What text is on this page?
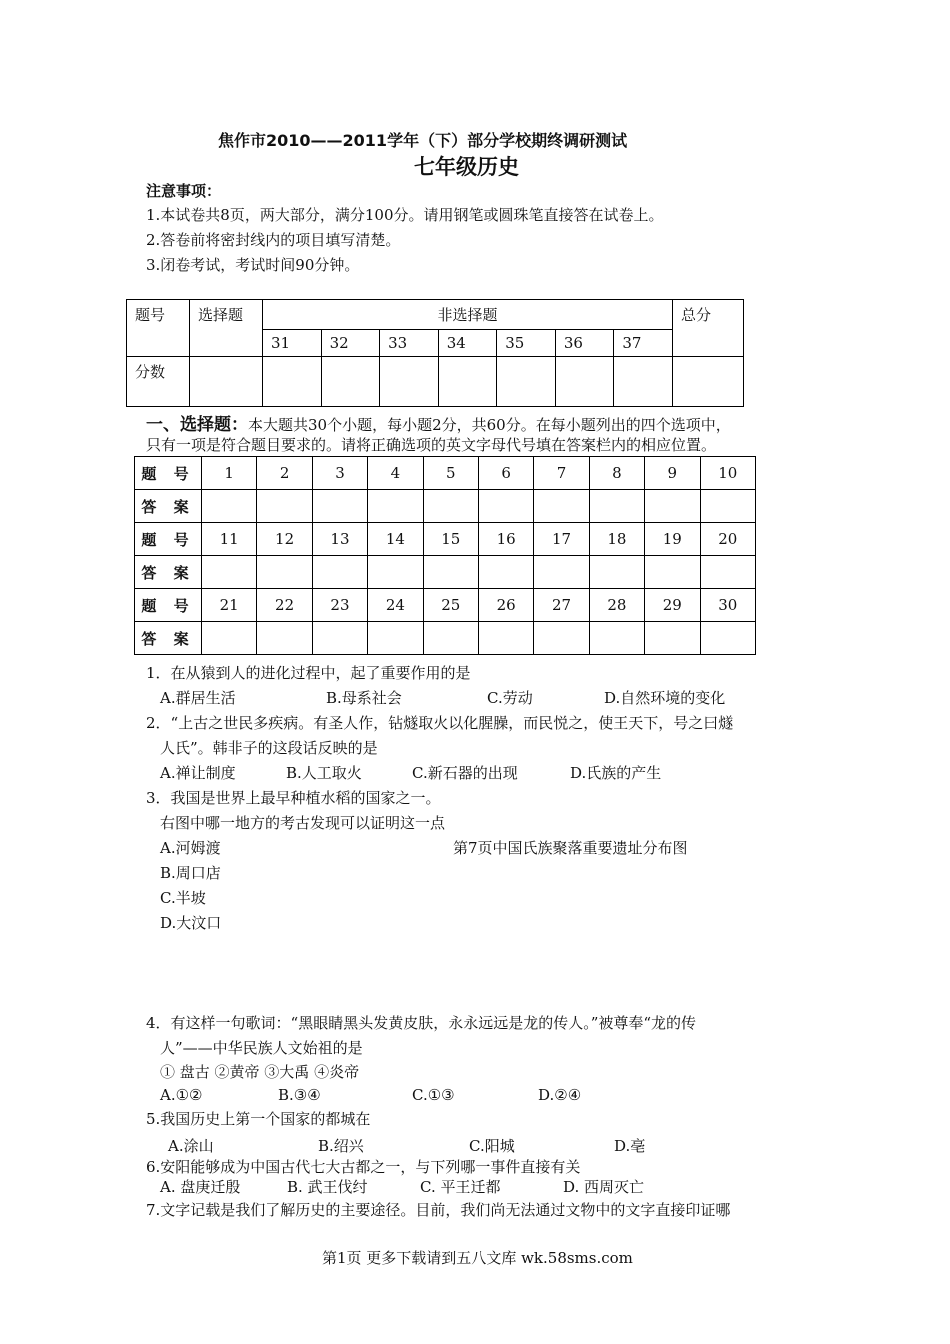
焦作市2010——2011学年（下）部分学校期终调研测试
七年级历史
注意事项：
1.本试卷共8页，两大部分，满分100分。请用钢笔或圆珠笔直接答在试卷上。
2.答卷前将密封线内的项目填写清楚。
3.闭卷考试，考试时间90分钟。
题号	选择题	非选择题							总分
		31	32	33	34	35	36	37	
分数									
一、选择题：本大题共30个小题，每小题2分，共60分。在每小题列出的四个选项中，
只有一项是符合题目要求的。请将正确选项的英文字母代号填在答案栏内的相应位置。
题 号	1	2	3	4	5	6	7	8	9	10
答 案										
题 号	11	12	13	14	15	16	17	18	19	20
答 案										
题 号	21	22	23	24	25	26	27	28	29	30
答 案										
1．在从猿到人的进化过程中，起了重要作用的是
A.群居生活	B.母系社会	C.劳动	D.自然环境的变化
2．“上古之世民多疾病。有圣人作，钻燧取火以化腥臊，而民悦之，使王天下，号之曰燧
人氏”。韩非子的这段话反映的是
A.禅让制度	B.人工取火	C.新石器的出现	D.氏族的产生
3．我国是世界上最早种植水稻的国家之一。
右图中哪一地方的考古发现可以证明这一点
A.河姆渡	第7页中国氏族聚落重要遗址分布图
B.周口店
C.半坡
D.大汶口
4．有这样一句歌词：“黑眼睛黑头发黄皮肤，永永远远是龙的传人。”被尊奉“龙的传
人”——中华民族人文始祖的是
① 盘古 ②黄帝 ③大禹 ④炎帝
A.①②	B.③④	C.①③	D.②④
5.我国历史上第一个国家的都城在
A.涂山	B.绍兴	C.阳城	D.亳
6.安阳能够成为中国古代七大古都之一，与下列哪一事件直接有关
A. 盘庚迁殷	B. 武王伐纣	C. 平王迁都	D. 西周灭亡
7.文字记载是我们了解历史的主要途径。目前，我们尚无法通过文物中的文字直接印证哪
第1页 更多下载请到五八文库 wk.58sms.com
